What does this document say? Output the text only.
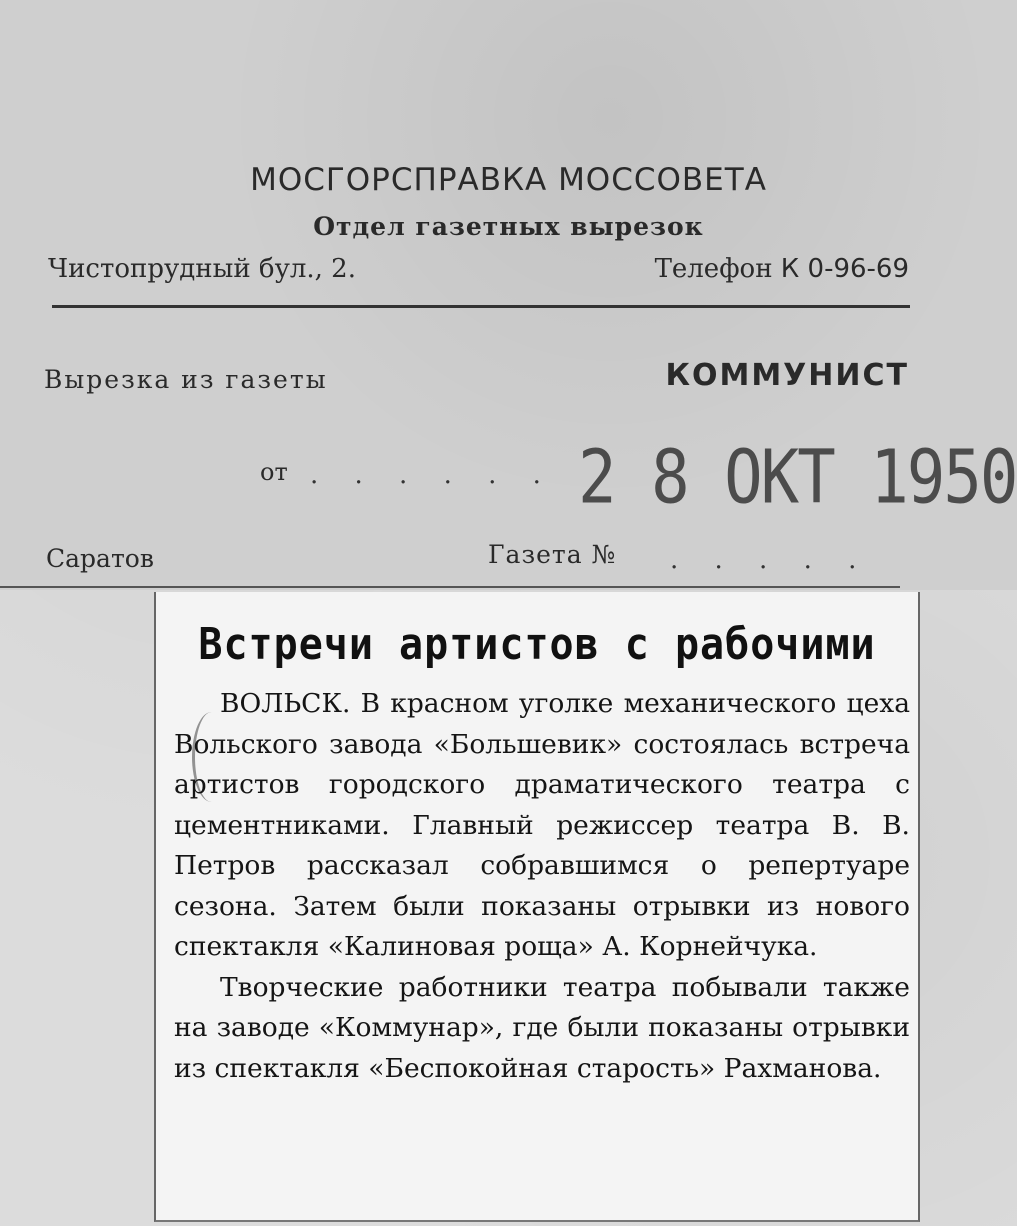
МОСГОРСПРАВКА МОССОВЕТА
Отдел газетных вырезок
Чистопрудный бул., 2.	Телефон К 0-96-69
Вырезка из газеты	КОММУНИСТ
от . . . . . . 2 8 ОКТ 1950
Саратов	Газета № . . . . .
Встречи артистов с рабочими

ВОЛЬСК. В красном уголке механического цеха Вольского завода «Большевик» состоялась встреча артистов городского драматического театра с цементниками. Главный режиссер театра В. В. Петров рассказал собравшимся о репертуаре сезона. Затем были показаны отрывки из нового спектакля «Калиновая роща» А. Корнейчука.

Творческие работники театра побывали также на заводе «Коммунар», где были показаны отрывки из спектакля «Беспокойная старость» Рахманова.
